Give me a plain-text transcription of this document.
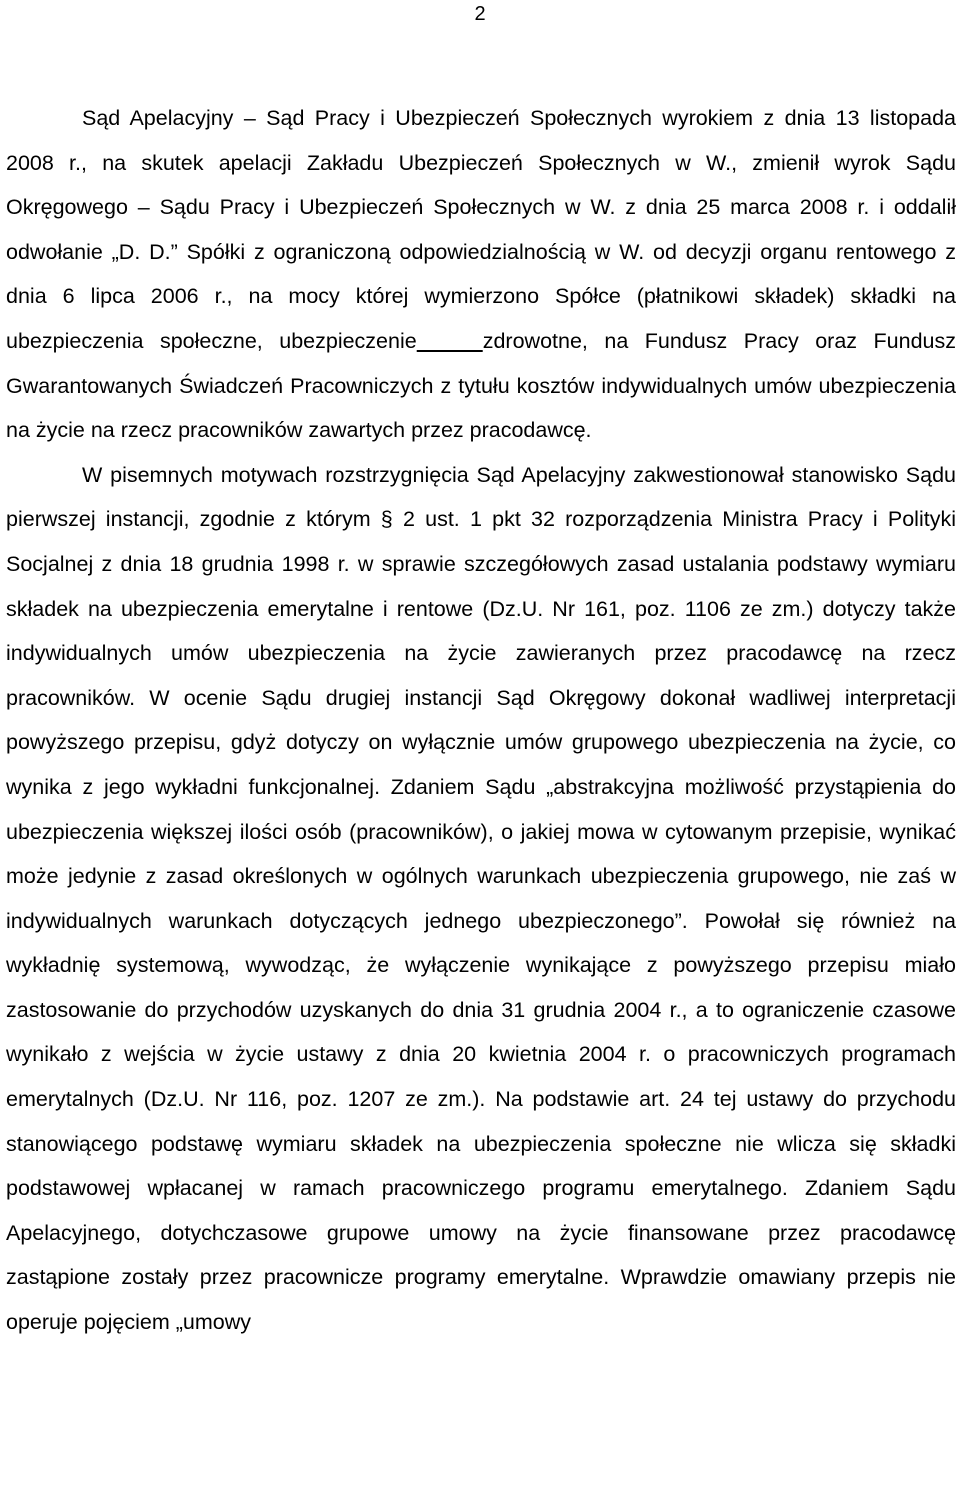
2

Sąd Apelacyjny – Sąd Pracy i Ubezpieczeń Społecznych wyrokiem z dnia 13 listopada 2008 r., na skutek apelacji Zakładu Ubezpieczeń Społecznych w W., zmienił wyrok Sądu Okręgowego – Sądu Pracy i Ubezpieczeń Społecznych w W. z dnia 25 marca 2008 r. i oddalił odwołanie „D. D.” Spółki z ograniczoną odpowiedzialnością w W. od decyzji organu rentowego z dnia 6 lipca 2006 r., na mocy której wymierzono Spółce (płatnikowi składek) składki na ubezpieczenia społeczne, ubezpieczenie	zdrowotne, na Fundusz Pracy oraz Fundusz Gwarantowanych Świadczeń Pracowniczych z tytułu kosztów indywidualnych umów ubezpieczenia na życie na rzecz pracowników zawartych przez pracodawcę.

W pisemnych motywach rozstrzygnięcia Sąd Apelacyjny zakwestionował stanowisko Sądu pierwszej instancji, zgodnie z którym § 2 ust. 1 pkt 32 rozporządzenia Ministra Pracy i Polityki Socjalnej z dnia 18 grudnia 1998 r. w sprawie szczegółowych zasad ustalania podstawy wymiaru składek na ubezpieczenia emerytalne i rentowe (Dz.U. Nr 161, poz. 1106 ze zm.) dotyczy także indywidualnych umów ubezpieczenia na życie zawieranych przez pracodawcę na rzecz pracowników. W ocenie Sądu drugiej instancji Sąd Okręgowy dokonał wadliwej interpretacji powyższego przepisu, gdyż dotyczy on wyłącznie umów grupowego ubezpieczenia na życie, co wynika z jego wykładni funkcjonalnej. Zdaniem Sądu „abstrakcyjna możliwość przystąpienia do ubezpieczenia większej ilości osób (pracowników), o jakiej mowa w cytowanym przepisie, wynikać może jedynie z zasad określonych w ogólnych warunkach ubezpieczenia grupowego, nie zaś w indywidualnych warunkach dotyczących jednego ubezpieczonego”. Powołał się również na wykładnię systemową, wywodząc, że wyłączenie wynikające z powyższego przepisu miało zastosowanie do przychodów uzyskanych do dnia 31 grudnia 2004 r., a to ograniczenie czasowe wynikało z wejścia w życie ustawy z dnia 20 kwietnia 2004 r. o pracowniczych programach emerytalnych (Dz.U. Nr 116, poz. 1207 ze zm.). Na podstawie art. 24 tej ustawy do przychodu stanowiącego podstawę wymiaru składek na ubezpieczenia społeczne nie wlicza się składki podstawowej wpłacanej w ramach pracowniczego programu emerytalnego. Zdaniem Sądu Apelacyjnego, dotychczasowe grupowe umowy na życie finansowane przez pracodawcę zastąpione zostały przez pracownicze programy emerytalne. Wprawdzie omawiany przepis nie operuje pojęciem „umowy
